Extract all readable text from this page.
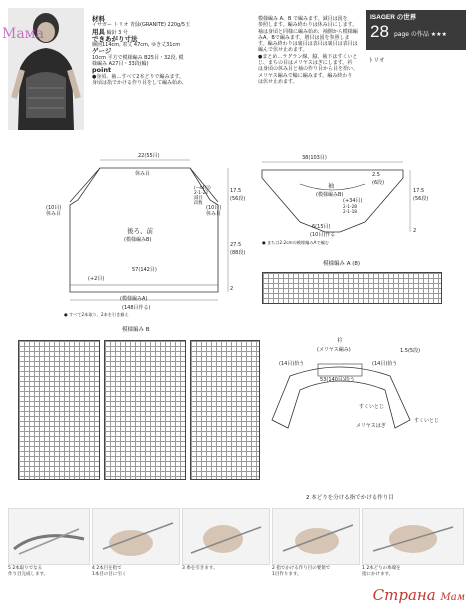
ISAGER の世界
28 page の作品 ★★★
トリオ
Мама
材料
イサガー トリオ 青緑(GRANITE) 220g/5玉
用具 輪針 3 号
できあがり寸法
胸囲114cm, 着丈 47cm, ゆき丈31cm
ゲージ
10cm 平方で模様編み B25目・32段, 模
様編み A27目・33段(輪)
point
●身頃、袖…すべて2本どりで編みます。
身頃は指でかける作り目をして編み始め、
模様編み A、B で編みます。減目は図を
参照します。編み終わりは休み目にします。
袖は身頃と同様に編み始め、袖側から模様編
みA、Bで編みます。増目は図を参照しま
す。編み終わりは裏目は表目は裏目は表目は
編んで伏せ止めます。
●まとめ…ラグラン線、脇、袖下はすくいと
じ、まちの目はメリヤスはぎにします。衿
は身頃の休み目と袖の作り目から目を拾い、
メリヤス編みで輪に編みます。編み終わり
は伏せ止めます。
22(55目)
休み目
(10目)
休み目
(10目)
休み目
(−44目)
2-1-22
減目
段数
17.5
(56段)
27.5
(88段)
2
後ろ、前
(模様編みB)
(+2目)
57(142目)
(模様編みA)
(148目作る)
● すべて2本取り、2本を引き揃え
38(103目)
袖
(模様編みB)
(+34目)
2-1-28
2-1-18
6(15目)
(10目)作る
2.5
(6段)
17.5
(56段)
2
● まちは2.2cmの模様編みAで編む
模様編み A (8)
模様編み B
衿
(メリヤス編み)
53(140目)拾う
(14目)拾う	(14目)拾う
すくいとじ
メリヤスはぎ
すくいとじ
1.5(5段)
2 本どりを分ける指でかける作り目
5 2本取りでなる
作り目完成します。
4 2本目を指で
1本目の目に引く
3 糸を引きます。	2 指でかける作り目の要領で
1目作ります。
1 2本どりの糸端を
指にかけます。
Страна Мам
